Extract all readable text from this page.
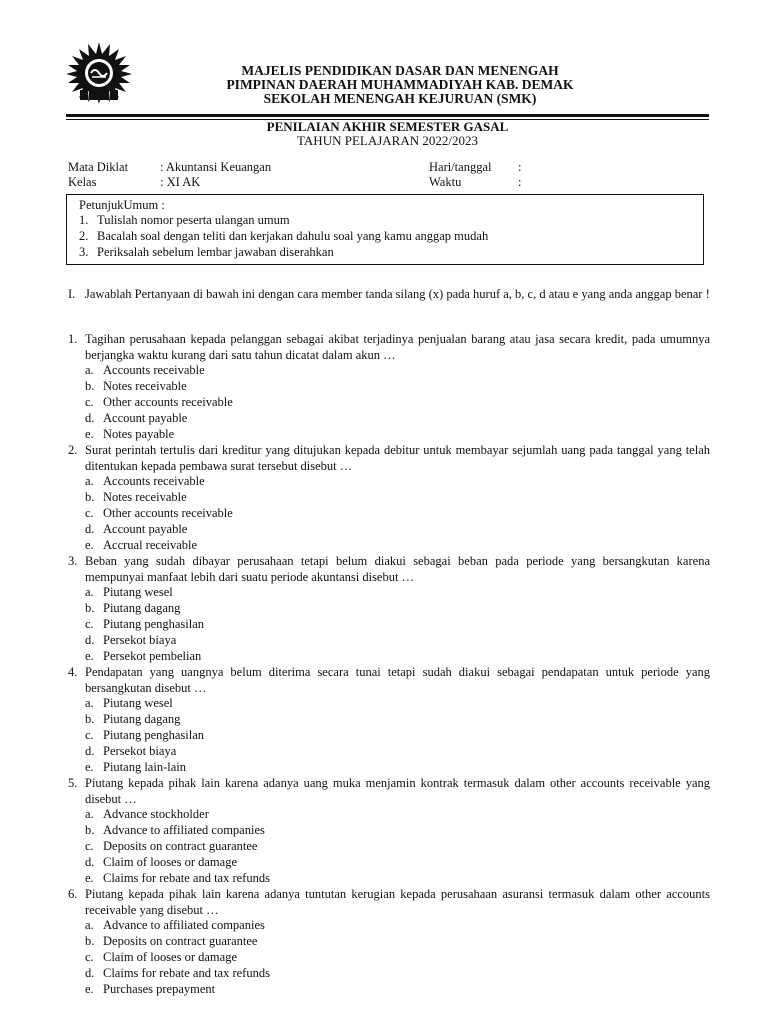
MAJELIS PENDIDIKAN DASAR DAN MENENGAH
PIMPINAN DAERAH MUHAMMADIYAH KAB. DEMAK
SEKOLAH MENENGAH KEJURUAN (SMK)
PENILAIAN AKHIR SEMESTER GASAL
TAHUN PELAJARAN 2022/2023
Mata Diklat	: Akuntansi Keuangan
Kelas	: XI AK
Hari/tanggal :
Waktu	:
PetunjukUmum :
1. Tulislah nomor peserta ulangan umum
2. Bacalah soal dengan teliti dan kerjakan dahulu soal yang kamu anggap mudah
3. Periksalah sebelum lembar jawaban diserahkan
I. Jawablah Pertanyaan di bawah ini dengan cara member tanda silang (x) pada huruf a, b, c, d atau e yang anda anggap benar !
1. Tagihan perusahaan kepada pelanggan sebagai akibat terjadinya penjualan barang atau jasa secara kredit, pada umumnya berjangka waktu kurang dari satu tahun dicatat dalam akun …
a. Accounts receivable
b. Notes receivable
c. Other accounts receivable
d. Account payable
e. Notes payable
2. Surat perintah tertulis dari kreditur yang ditujukan kepada debitur untuk membayar sejumlah uang pada tanggal yang telah ditentukan kepada pembawa surat tersebut disebut …
a. Accounts receivable
b. Notes receivable
c. Other accounts receivable
d. Account payable
e. Accrual receivable
3. Beban yang sudah dibayar perusahaan tetapi belum diakui sebagai beban pada periode yang bersangkutan karena mempunyai manfaat lebih dari suatu periode akuntansi disebut …
a. Piutang wesel
b. Piutang dagang
c. Piutang penghasilan
d. Persekot biaya
e. Persekot pembelian
4. Pendapatan yang uangnya belum diterima secara tunai tetapi sudah diakui sebagai pendapatan untuk periode yang bersangkutan disebut …
a. Piutang wesel
b. Piutang dagang
c. Piutang penghasilan
d. Persekot biaya
e. Piutang lain-lain
5. Piutang kepada pihak lain karena adanya uang muka menjamin kontrak termasuk dalam other accounts receivable yang disebut …
a. Advance stockholder
b. Advance to affiliated companies
c. Deposits on contract guarantee
d. Claim of looses or damage
e. Claims for rebate and tax refunds
6. Piutang kepada pihak lain karena adanya tuntutan kerugian kepada perusahaan asuransi termasuk dalam other accounts receivable yang disebut …
a. Advance to affiliated companies
b. Deposits on contract guarantee
c. Claim of looses or damage
d. Claims for rebate and tax refunds
e. Purchases prepayment
